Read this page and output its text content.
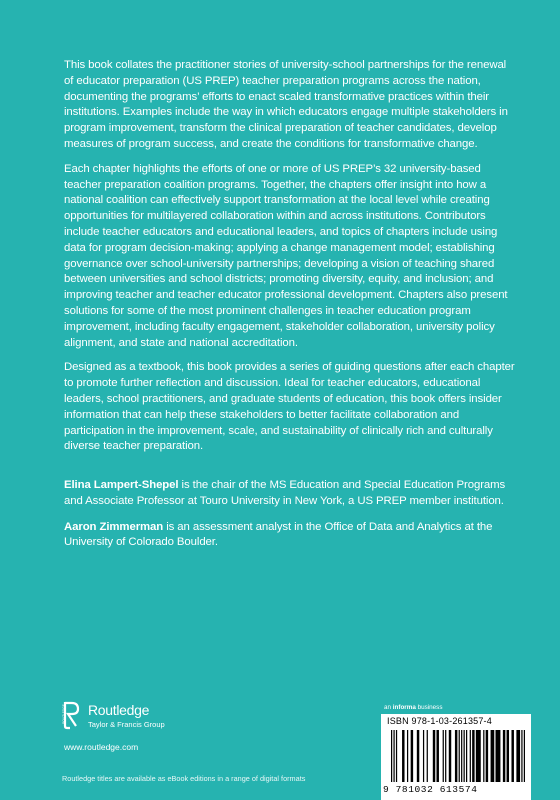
This book collates the practitioner stories of university-school partnerships for the renewal of educator preparation (US PREP) teacher preparation programs across the nation, documenting the programs’ efforts to enact scaled transformative practices within their institutions. Examples include the way in which educators engage multiple stakeholders in program improvement, transform the clinical preparation of teacher candidates, develop measures of program success, and create the conditions for transformative change.

Each chapter highlights the efforts of one or more of US PREP’s 32 university-based teacher preparation coalition programs. Together, the chapters offer insight into how a national coalition can effectively support transformation at the local level while creating opportunities for multilayered collaboration within and across institutions. Contributors include teacher educators and educational leaders, and topics of chapters include using data for program decision-making; applying a change management model; establishing governance over school-university partnerships; developing a vision of teaching shared between universities and school districts; promoting diversity, equity, and inclusion; and improving teacher and teacher educator professional development. Chapters also present solutions for some of the most prominent challenges in teacher education program improvement, including faculty engagement, stakeholder collaboration, university policy alignment, and state and national accreditation.

Designed as a textbook, this book provides a series of guiding questions after each chapter to promote further reflection and discussion. Ideal for teacher educators, educational leaders, school practitioners, and graduate students of education, this book offers insider information that can help these stakeholders to better facilitate collaboration and participation in the improvement, scale, and sustainability of clinically rich and culturally diverse teacher preparation.

Elina Lampert-Shepel is the chair of the MS Education and Special Education Programs and Associate Professor at Touro University in New York, a US PREP member institution.

Aaron Zimmerman is an assessment analyst in the Office of Data and Analytics at the University of Colorado Boulder.

ROUTLEDGE Routledge
Taylor & Francis Group
www.routledge.com
Routledge titles are available as eBook editions in a range of digital formats
an informa business
ISBN 978-1-03-261357-4
9 781032 613574
